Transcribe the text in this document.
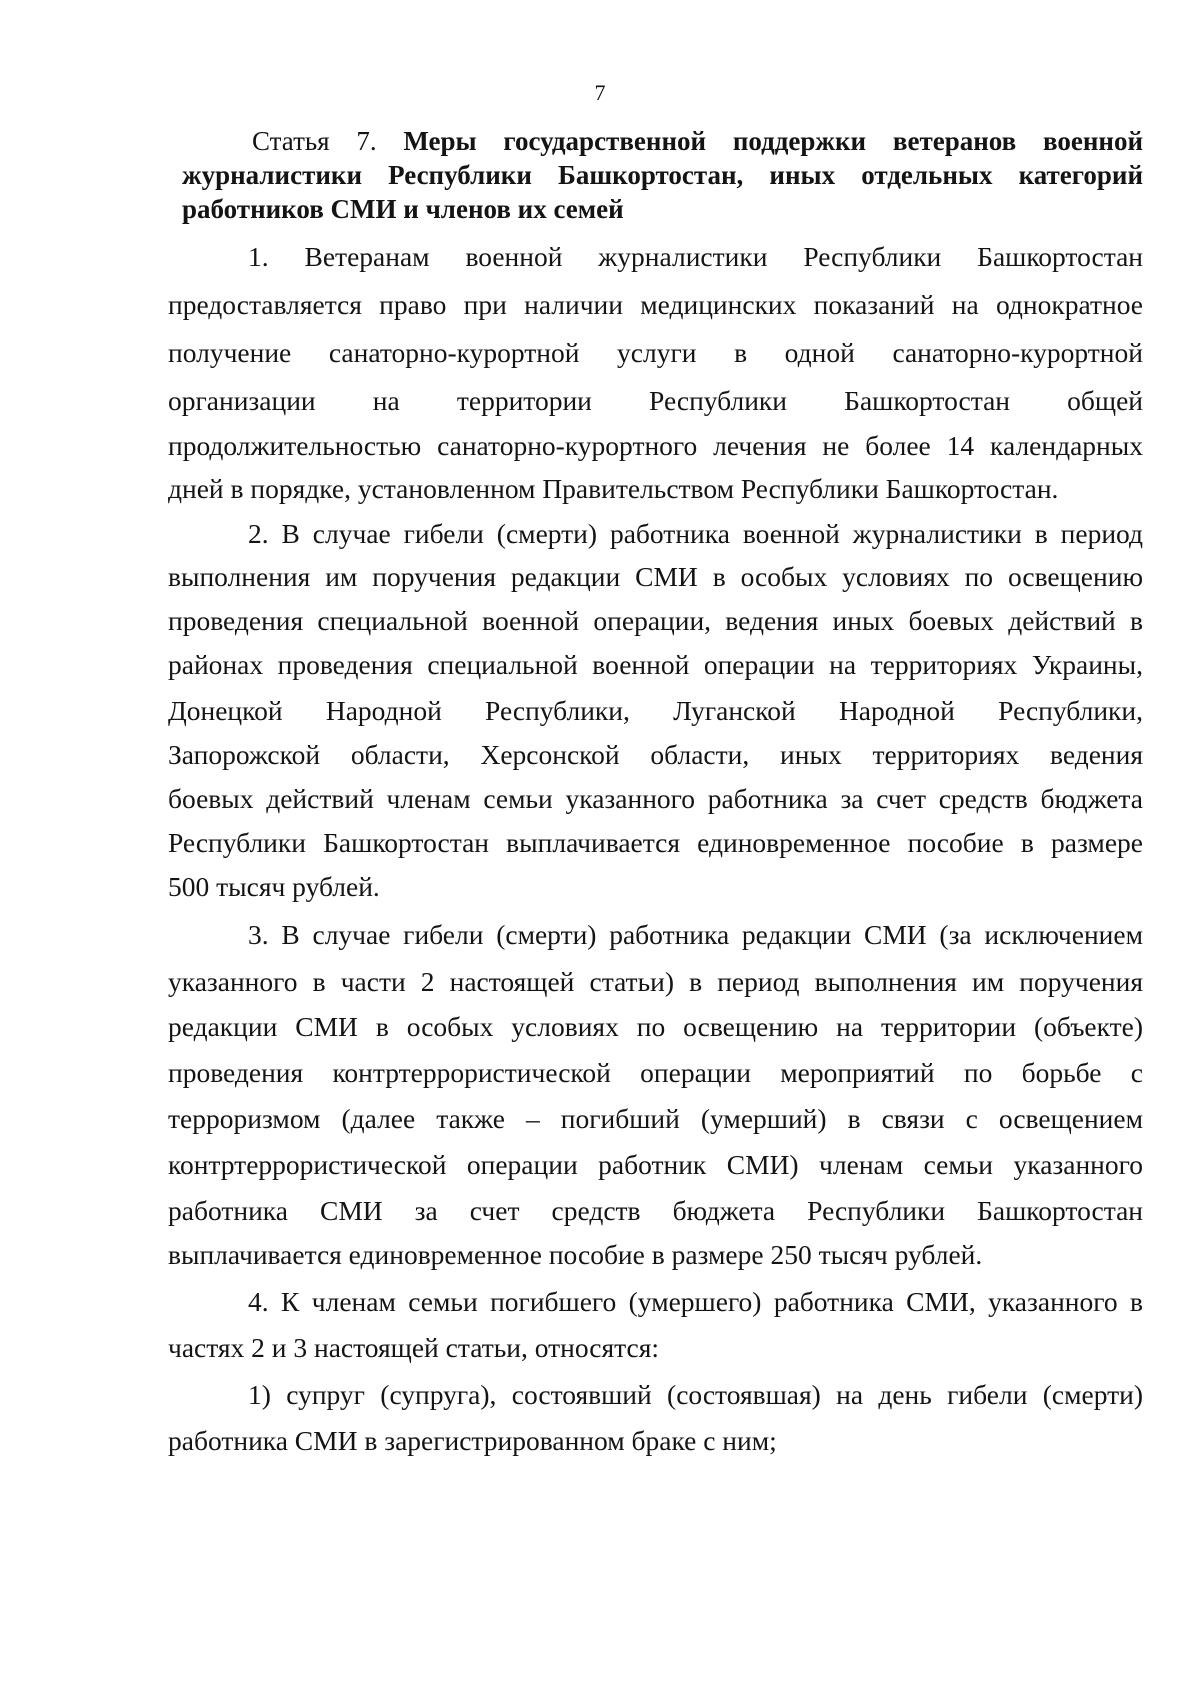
7
Статья 7. Меры государственной поддержки ветеранов военной
журналистики Республики Башкортостан, иных отдельных категорий
работников СМИ и членов их семей
1. Ветеранам военной журналистики Республики Башкортостан
предоставляется право при наличии медицинских показаний на однократное
получение санаторно-курортной услуги в одной санаторно-курортной
организации на территории Республики Башкортостан общей
продолжительностью санаторно-курортного лечения не более 14 календарных
дней в порядке, установленном Правительством Республики Башкортостан.
2. В случае гибели (смерти) работника военной журналистики в период
выполнения им поручения редакции СМИ в особых условиях по освещению
проведения специальной военной операции, ведения иных боевых действий в
районах проведения специальной военной операции на территориях Украины,
Донецкой Народной Республики, Луганской Народной Республики,
Запорожской области, Херсонской области, иных территориях ведения
боевых действий членам семьи указанного работника за счет средств бюджета
Республики Башкортостан выплачивается единовременное пособие в размере
500 тысяч рублей.
3. В случае гибели (смерти) работника редакции СМИ (за исключением
указанного в части 2 настоящей статьи) в период выполнения им поручения
редакции СМИ в особых условиях по освещению на территории (объекте)
проведения контртеррористической операции мероприятий по борьбе с
терроризмом (далее также – погибший (умерший) в связи с освещением
контртеррористической операции работник СМИ) членам семьи указанного
работника СМИ за счет средств бюджета Республики Башкортостан
выплачивается единовременное пособие в размере 250 тысяч рублей.
4. К членам семьи погибшего (умершего) работника СМИ, указанного в
частях 2 и 3 настоящей статьи, относятся:
1) супруг (супруга), состоявший (состоявшая) на день гибели (смерти)
работника СМИ в зарегистрированном браке с ним;
